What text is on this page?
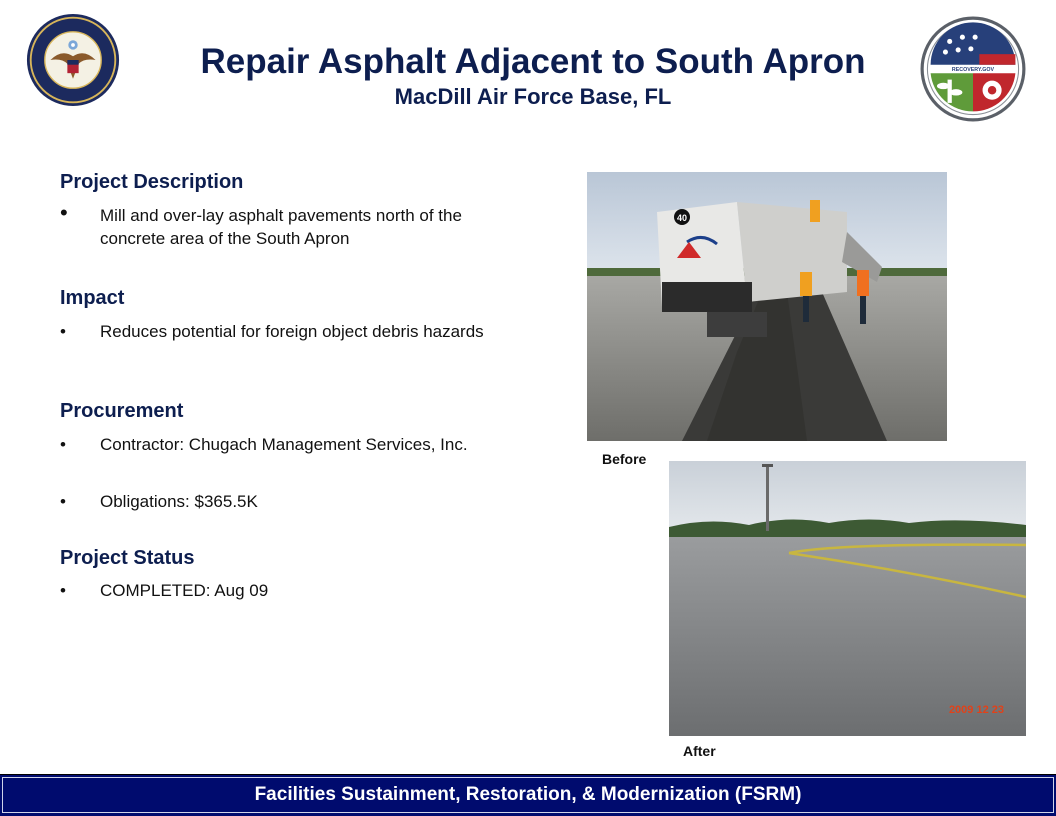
RECOVERY.GOV
Repair Asphalt Adjacent to South Apron
MacDill Air Force Base, FL
Project Description
•	Mill and over-lay asphalt pavements north of the concrete area of the South Apron
Impact
•	Reduces potential for foreign object debris hazards
Procurement
•	Contractor: Chugach Management Services, Inc.
•	Obligations: $365.5K
Project Status
•	COMPLETED: Aug 09
40
Before
2009 12 23
After
Facilities Sustainment, Restoration, & Modernization (FSRM)
